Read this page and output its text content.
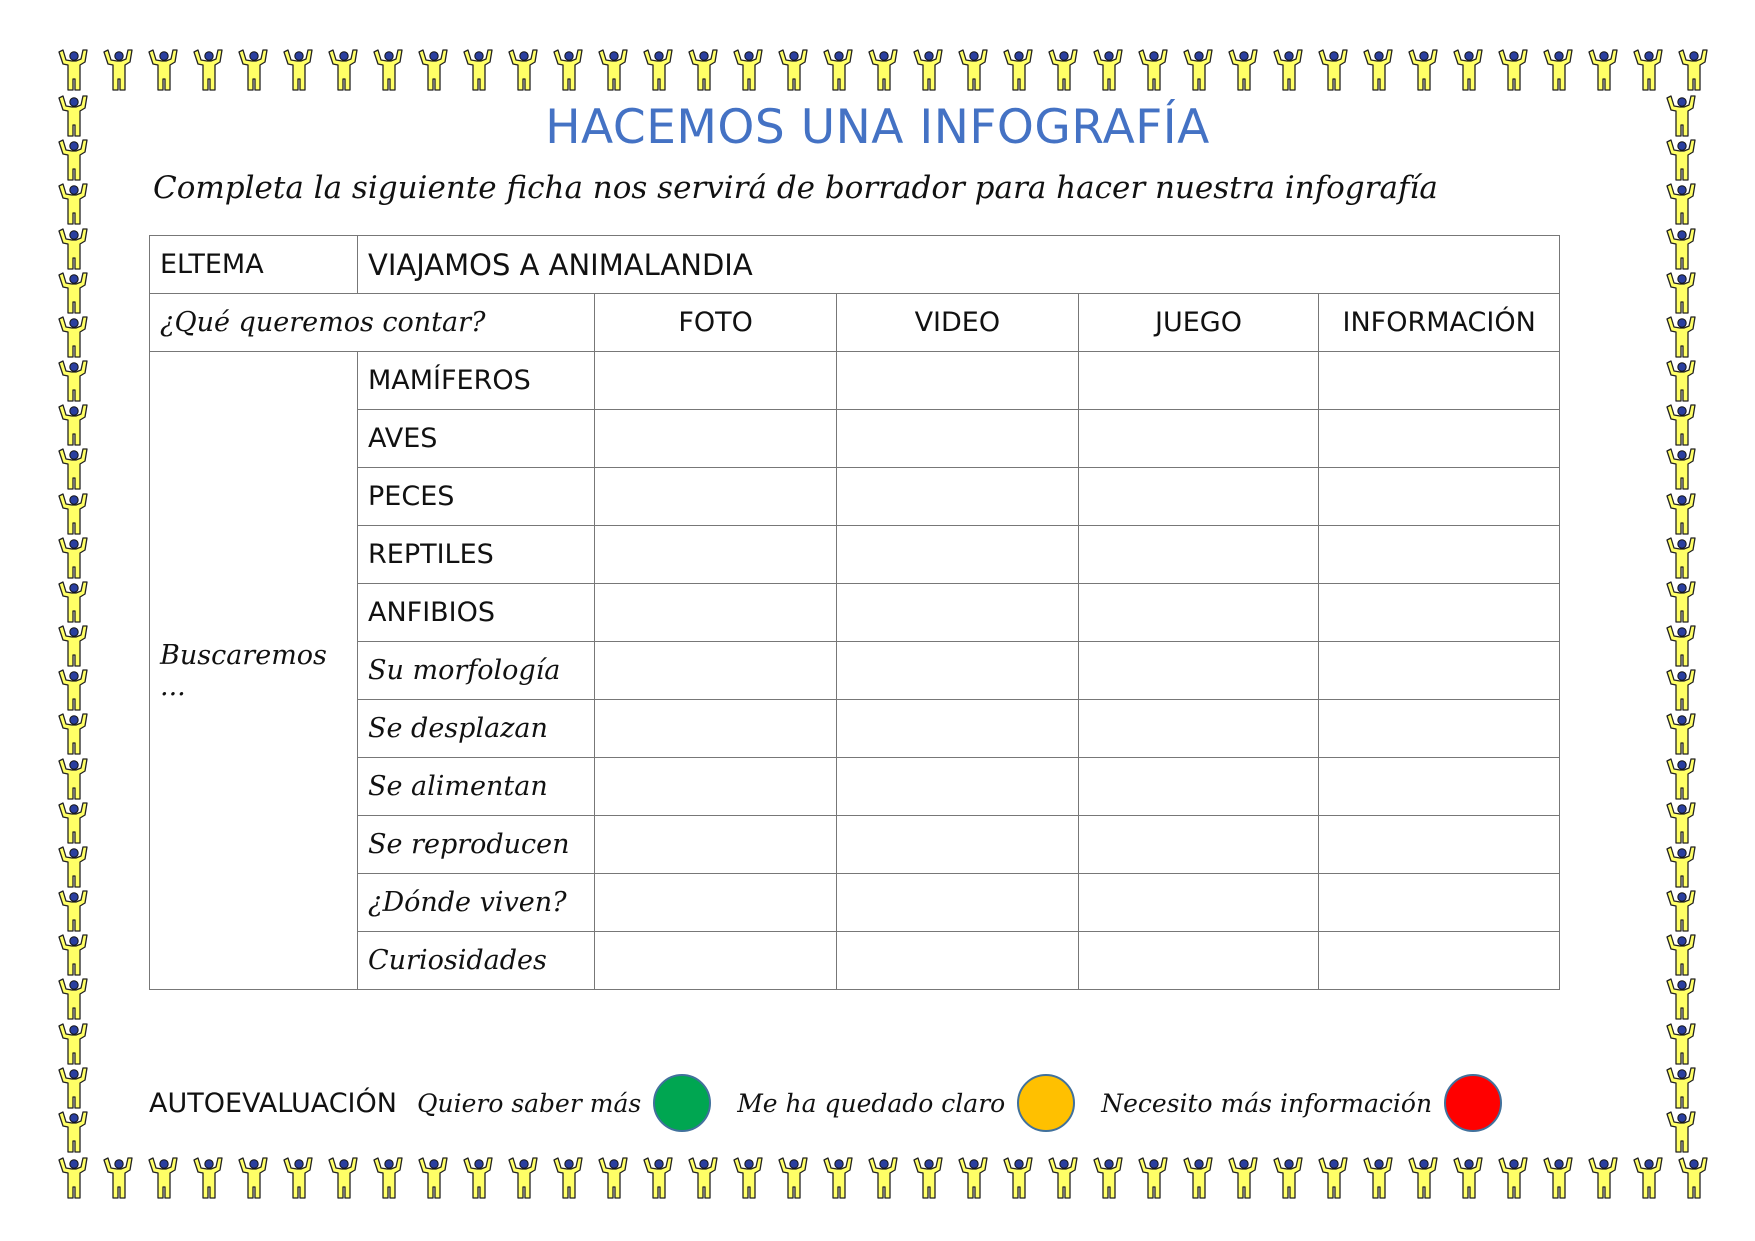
HACEMOS UNA INFOGRAFÍA
Completa la siguiente ficha nos servirá de borrador para hacer nuestra infografía
ELTEMA	VIAJAMOS A ANIMALANDIA				
¿Qué queremos contar?		FOTO	VIDEO	JUEGO	INFORMACIÓN
Buscaremos ...	MAMÍFEROS				
	AVES				
	PECES				
	REPTILES				
	ANFIBIOS				
	Su morfología				
	Se desplazan				
	Se alimentan				
	Se reproducen				
	¿Dónde viven?				
	Curiosidades				
AUTOEVALUACIÓN Quiero saber más	Me ha quedado claro	Necesito más información
